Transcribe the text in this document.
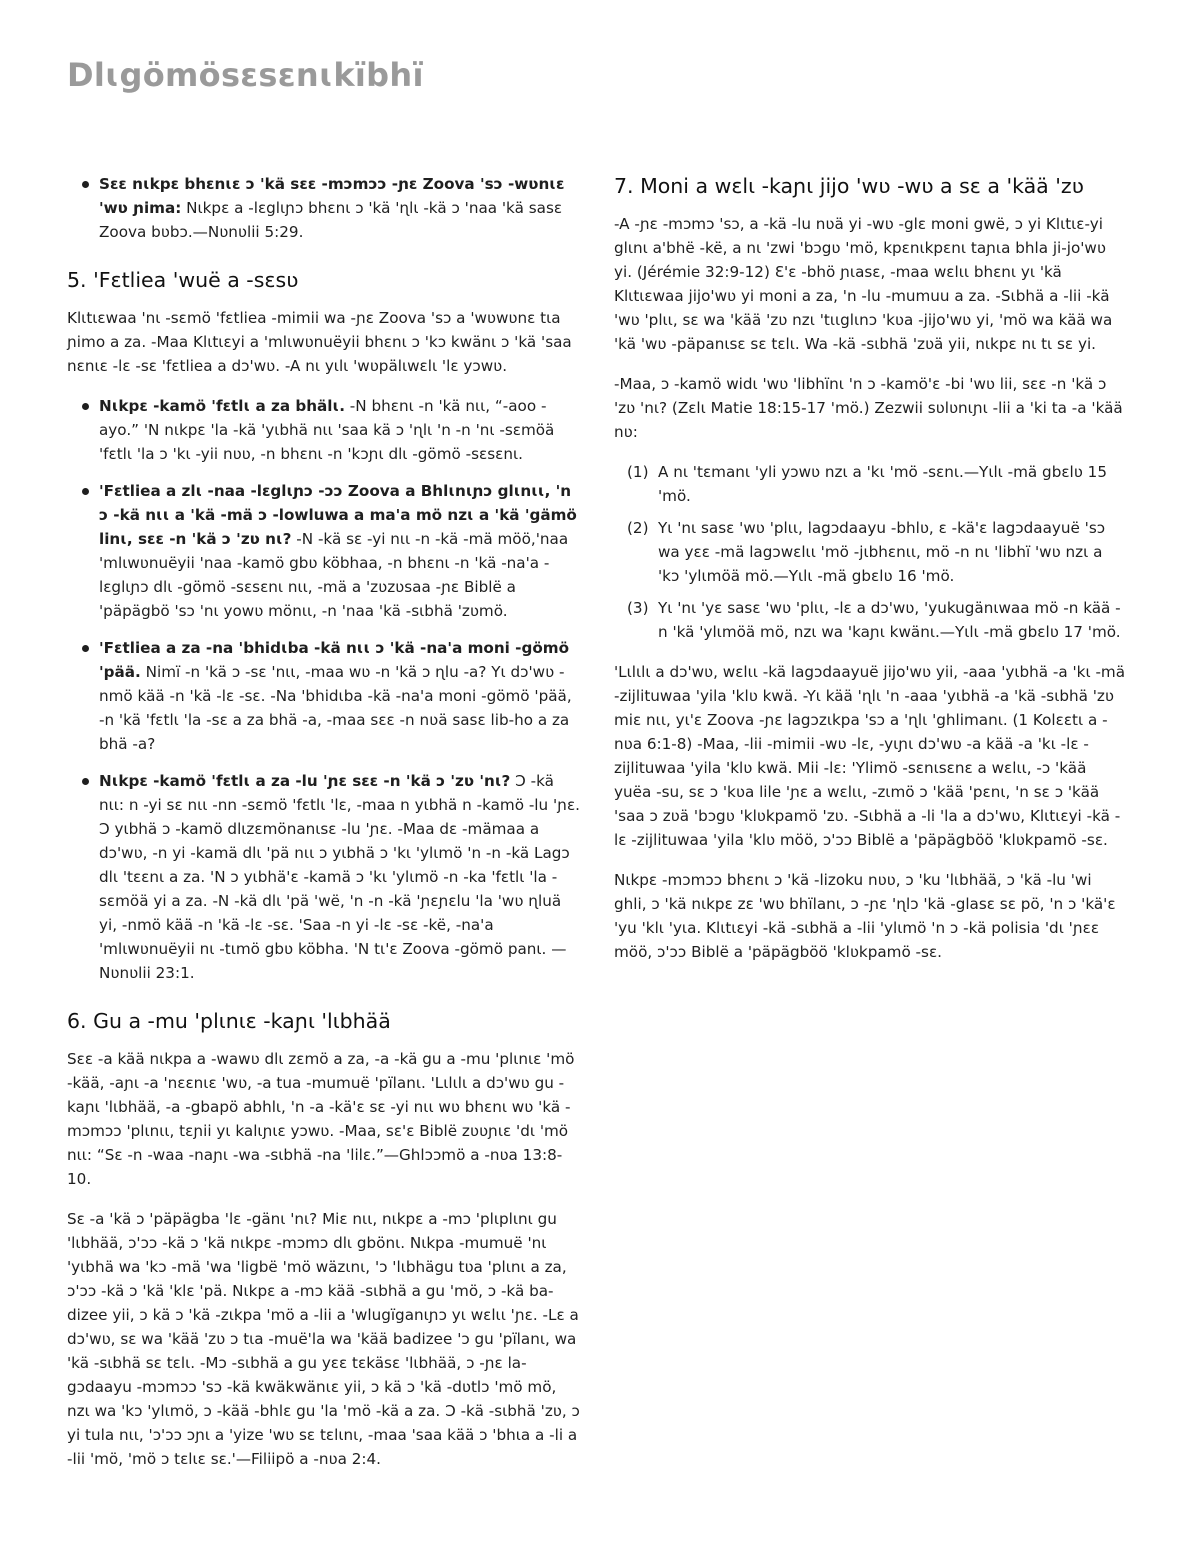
Dlɩgömösɛsɛnɩkïbhï
Sɛɛ nɩkpɛ bhɛnɩɛ ɔ 'kä sɛɛ -mɔmɔɔ -ɲɛ Zoova 'sɔ -wʋnɩɛ 'wʋ ɲima: Nɩkpɛ a -lɛglɩɲɔ bhɛnɩ ɔ 'kä 'ɳlɩ -kä ɔ 'naa 'kä sasɛ Zoova bʋbɔ.—Nʋnʋlii 5:29.
5. 'Fɛtliea 'wuë a -sɛsʋ

Klɩtɩɛwaa 'nɩ -sɛmö 'fɛtliea -mimii wa -ɲɛ Zoova 'sɔ a 'wʋwʋnɛ tɩa ɲimo a za. -Maa Klɩtɩɛyi a 'mlɩwʋnuëyii bhɛnɩ ɔ 'kɔ kwänɩ ɔ 'kä 'saa nɛnɩɛ -lɛ -sɛ 'fɛtliea a dɔ'wʋ. -A nɩ yɩlɩ 'wʋpälɩwɛlɩ 'lɛ yɔwʋ.

Nɩkpɛ -kamö 'fɛtlɩ a za bhälɩ. -N bhɛnɩ -n 'kä nɩɩ, “-aoo -ayo.” 'N nɩkpɛ 'la -kä 'yɩbhä nɩɩ 'saa kä ɔ 'ɳlɩ 'n -n 'nɩ -sɛmöä 'fɛtlɩ 'la ɔ 'kɩ -yii nʋʋ, -n bhɛnɩ -n 'kɔɲɩ dlɩ -gömö -sɛsɛnɩ.
'Fɛtliea a zlɩ -naa -lɛglɩɲɔ -ɔɔ Zoova a Bhlɩnɩɲɔ glɩnɩɩ, 'n ɔ -kä nɩɩ a 'kä -mä ɔ -lowluwa a ma'a mö nzɩ a 'kä 'gämö linɩ, sɛɛ -n 'kä ɔ 'zʋ nɩ? -N -kä sɛ -yi nɩɩ -n -kä -mä möö,'naa 'mlɩwʋnuëyii 'naa -kamö gbʋ köbhaa, -n bhɛnɩ -n 'kä -na'a -lɛglɩɲɔ dlɩ -gömö -sɛsɛnɩ nɩɩ, -mä a 'zʋzʋsaa -ɲɛ Biblë a 'päpägbö 'sɔ 'nɩ yowʋ mönɩɩ, -n 'naa 'kä -sɩbhä 'zʋmö.
'Fɛtliea a za -na 'bhidɩba -kä nɩɩ ɔ 'kä -na'a moni -gömö 'pää. Nimï -n 'kä ɔ -sɛ 'nɩɩ, -maa wʋ -n 'kä ɔ ɳlu -a? Yɩ dɔ'wʋ -nmö kää -n 'kä -lɛ -sɛ. -Na 'bhidɩba -kä -na'a moni -gömö 'pää, -n 'kä 'fɛtlɩ 'la -sɛ a za bhä -a, -maa sɛɛ -n nʋä sasɛ lib-ho a za bhä -a?
Nɩkpɛ -kamö 'fɛtlɩ a za -lu 'ɲɛ sɛɛ -n 'kä ɔ 'zʋ 'nɩ? Ɔ -kä nɩɩ: n -yi sɛ nɩɩ -nn -sɛmö 'fɛtlɩ 'lɛ, -maa n yɩbhä n -kamö -lu 'ɲɛ. Ɔ yɩbhä ɔ -kamö dlɩzɛmönanɩsɛ -lu 'ɲɛ. -Maa dɛ -mämaa a dɔ'wʋ, -n yi -kamä dlɩ 'pä nɩɩ ɔ yɩbhä ɔ 'kɩ 'ylɩmö 'n -n -kä Lagɔ dlɩ 'tɛɛnɩ a za. 'N ɔ yɩbhä'ɛ -kamä ɔ 'kɩ 'ylɩmö -n -ka 'fɛtlɩ 'la -sɛmöä yi a za. -N -kä dlɩ 'pä 'wë, 'n -n -kä 'ɲɛɲɛlu 'la 'wʋ ɳluä yi, -nmö kää -n 'kä -lɛ -sɛ. 'Saa -n yi -lɛ -sɛ -kë, -na'a 'mlɩwʋnuëyii nɩ -tɩmö gbʋ köbha. 'N tɩ'ɛ Zoova -gömö panɩ. —Nʋnʋlii 23:1.
6. Gu a -mu 'plɩnɩɛ -kaɲɩ 'lɩbhää

Sɛɛ -a kää nɩkpa a -wawʋ dlɩ zɛmö a za, -a -kä gu a -mu 'plɩnɩɛ 'mö -kää, -aɲɩ -a 'nɛɛnɩɛ 'wʋ, -a tua -mumuë 'pïlanɩ. 'Lɩlɩlɩ a dɔ'wʋ gu -kaɲɩ 'lɩbhää, -a -gbapö abhlɩ, 'n -a -kä'ɛ sɛ -yi nɩɩ wʋ bhɛnɩ wʋ 'kä -mɔmɔɔ 'plɩnɩɩ, tɛɲii yɩ kalɩɲɩɛ yɔwʋ. -Maa, sɛ'ɛ Biblë zʋʋɲɩɛ 'dɩ 'mö nɩɩ: “Sɛ -n -waa -naɲɩ -wa -sɩbhä -na 'lilɛ.”—Ghlɔɔmö a -nʋa 13:8-10.

Sɛ -a 'kä ɔ 'päpägba 'lɛ -gänɩ 'nɩ? Miɛ nɩɩ, nɩkpɛ a -mɔ 'plɩplɩnɩ gu 'lɩbhää, ɔ'ɔɔ -kä ɔ 'kä nɩkpɛ -mɔmɔ dlɩ gbönɩ. Nɩkpa -mumuë 'nɩ 'yɩbhä wa 'kɔ -mä 'wa 'ligbë 'mö wäzɩnɩ, 'ɔ 'lɩbhägu tʋa 'plɩnɩ a za, ɔ'ɔɔ -kä ɔ 'kä 'klɛ 'pä. Nɩkpɛ a -mɔ kää -sɩbhä a gu 'mö, ɔ -kä ba-dizee yii, ɔ kä ɔ 'kä -zɩkpa 'mö a -lii a 'wlugïganɩɲɔ yɩ wɛlɩɩ 'ɲɛ. -Lɛ a dɔ'wʋ, sɛ wa 'kää 'zʋ ɔ tɩa -muë'la wa 'kää badizee 'ɔ gu 'pïlanɩ, wa 'kä -sɩbhä sɛ tɛlɩ. -Mɔ -sɩbhä a gu yɛɛ tɛkäsɛ 'lɩbhää, ɔ -ɲɛ la-gɔdaayu -mɔmɔɔ 'sɔ -kä kwäkwänɩɛ yii, ɔ kä ɔ 'kä -dʋtlɔ 'mö mö, nzɩ wa 'kɔ 'ylɩmö, ɔ -kää -bhlɛ gu 'la 'mö -kä a za. Ɔ -kä -sɩbhä 'zʋ, ɔ yi tula nɩɩ, 'ɔ'ɔɔ ɔɲɩ a 'yize 'wʋ sɛ tɛlɩnɩ, -maa 'saa kää ɔ 'bhɩa a -li a -lii 'mö, 'mö ɔ tɛlɩɛ sɛ.'—Filiipö a -nʋa 2:4.

7. Moni a wɛlɩ -kaɲɩ jijo 'wʋ -wʋ a sɛ a 'kää 'zʋ

-A -ɲɛ -mɔmɔ 'sɔ, a -kä -lu nʋä yi -wʋ -glɛ moni gwë, ɔ yi Klɩtɩɛ-yi glɩnɩ a'bhë -kë, a nɩ 'zwi 'bɔgʋ 'mö, kpɛnɩkpɛnɩ taɲɩa bhla ji-jo'wʋ yi. (Jérémie 32:9-12) Ɛ'ɛ -bhö ɲɩasɛ, -maa wɛlɩɩ bhɛnɩ yɩ 'kä Klɩtɩɛwaa jijo'wʋ yi moni a za, 'n -lu -mumuu a za. -Sɩbhä a -lii -kä 'wʋ 'plɩɩ, sɛ wa 'kää 'zʋ nzɩ 'tɩɩglɩnɔ 'kʋa -jijo'wʋ yi, 'mö wa kää wa 'kä 'wʋ -päpanɩsɛ sɛ tɛlɩ. Wa -kä -sɩbhä 'zʋä yii, nɩkpɛ nɩ tɩ sɛ yi.

-Maa, ɔ -kamö widɩ 'wʋ 'libhïnɩ 'n ɔ -kamö'ɛ -bi 'wʋ lii, sɛɛ -n 'kä ɔ 'zʋ 'nɩ? (Zɛlɩ Matie 18:15-17 'mö.) Zezwii sʋlʋnɩɲɩ -lii a 'ki ta -a 'kää nʋ:

(1) A nɩ 'tɛmanɩ 'yli yɔwʋ nzɩ a 'kɩ 'mö -sɛnɩ.—Yɩlɩ -mä gbɛlʋ 15 'mö.
(2) Yɩ 'nɩ sasɛ 'wʋ 'plɩɩ, lagɔdaayu -bhlʋ, ɛ -kä'ɛ lagɔdaayuë 'sɔ wa yɛɛ -mä lagɔwɛlɩɩ 'mö -jɩbhɛnɩɩ, mö -n nɩ 'libhï 'wʋ nzɩ a 'kɔ 'ylɩmöä mö.—Yɩlɩ -mä gbɛlʋ 16 'mö.
(3) Yɩ 'nɩ 'yɛ sasɛ 'wʋ 'plɩɩ, -lɛ a dɔ'wʋ, 'yukugänɩwaa mö -n kää -n 'kä 'ylɩmöä mö, nzɩ wa 'kaɲɩ kwänɩ.—Yɩlɩ -mä gbɛlʋ 17 'mö.

'Lɩlɩlɩ a dɔ'wʋ, wɛlɩɩ -kä lagɔdaayuë jijo'wʋ yii, -aaa 'yɩbhä -a 'kɩ -mä -zijlituwaa 'yila 'klʋ kwä. -Yɩ kää 'ɳlɩ 'n -aaa 'yɩbhä -a 'kä -sɩbhä 'zʋ miɛ nɩɩ, yɩ'ɛ Zoova -ɲɛ lagɔzɩkpa 'sɔ a 'ɳlɩ 'ghlimanɩ. (1 Kolɛɛtɩ a -nʋa 6:1-8) -Maa, -lii -mimii -wʋ -lɛ, -yɩɲɩ dɔ'wʋ -a kää -a 'kɩ -lɛ -zijlituwaa 'yila 'klʋ kwä. Mii -lɛ: 'Ylimö -sɛnɩsɛnɛ a wɛlɩɩ, -ɔ 'kää yuëa -su, sɛ ɔ 'kʋa lile 'ɲɛ a wɛlɩɩ, -zɩmö ɔ 'kää 'pɛnɩ, 'n sɛ ɔ 'kää 'saa ɔ zʋä 'bɔgʋ 'klʋkpamö 'zʋ. -Sɩbhä a -li 'la a dɔ'wʋ, Klɩtɩɛyi -kä -lɛ -zijlituwaa 'yila 'klʋ möö, ɔ'ɔɔ Biblë a 'päpägböö 'klʋkpamö -sɛ.

Nɩkpɛ -mɔmɔɔ bhɛnɩ ɔ 'kä -lizoku nʋʋ, ɔ 'ku 'lɩbhää, ɔ 'kä -lu 'wi ghli, ɔ 'kä nɩkpɛ zɛ 'wʋ bhïlanɩ, ɔ -ɲɛ 'ɳlɔ 'kä -glasɛ sɛ pö, 'n ɔ 'kä'ɛ 'yu 'klɩ 'yɩa. Klɩtɩɛyi -kä -sɩbhä a -lii 'ylɩmö 'n ɔ -kä polisia 'dɩ 'ɲɛɛ möö, ɔ'ɔɔ Biblë a 'päpägböö 'klʋkpamö -sɛ.
